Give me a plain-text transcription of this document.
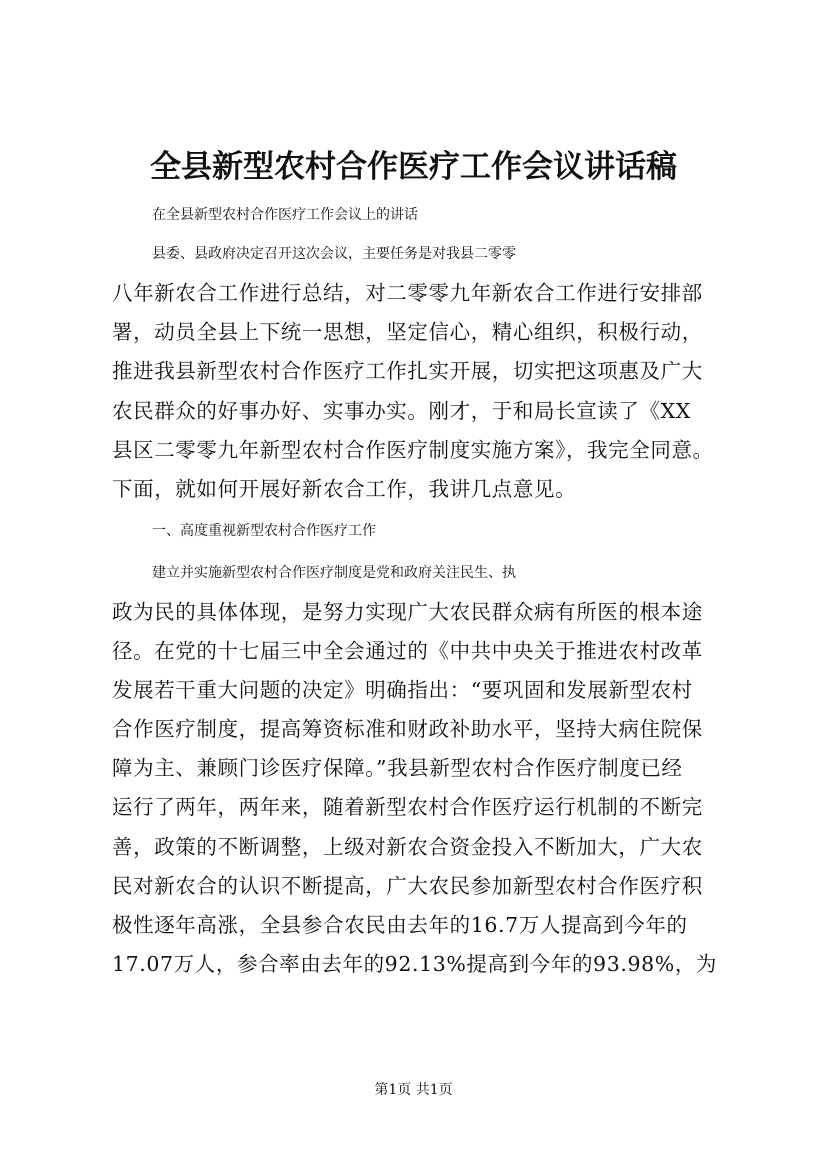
全县新型农村合作医疗工作会议讲话稿
在全县新型农村合作医疗工作会议上的讲话
县委、县政府决定召开这次会议，主要任务是对我县二零零
八年新农合工作进行总结，对二零零九年新农合工作进行安排部
署，动员全县上下统一思想，坚定信心，精心组织，积极行动，
推进我县新型农村合作医疗工作扎实开展，切实把这项惠及广大
农民群众的好事办好、实事办实。刚才，于和局长宣读了《XX
县区二零零九年新型农村合作医疗制度实施方案》，我完全同意。
下面，就如何开展好新农合工作，我讲几点意见。
一、高度重视新型农村合作医疗工作
建立并实施新型农村合作医疗制度是党和政府关注民生、执
政为民的具体体现，是努力实现广大农民群众病有所医的根本途
径。在党的十七届三中全会通过的《中共中央关于推进农村改革
发展若干重大问题的决定》明确指出：“要巩固和发展新型农村
合作医疗制度，提高筹资标准和财政补助水平，坚持大病住院保
障为主、兼顾门诊医疗保障。”我县新型农村合作医疗制度已经
运行了两年，两年来，随着新型农村合作医疗运行机制的不断完
善，政策的不断调整，上级对新农合资金投入不断加大，广大农
民对新农合的认识不断提高，广大农民参加新型农村合作医疗积
极性逐年高涨，全县参合农民由去年的16.7万人提高到今年的
17.07万人，参合率由去年的92.13%提高到今年的93.98%，为
第1页 共1页
